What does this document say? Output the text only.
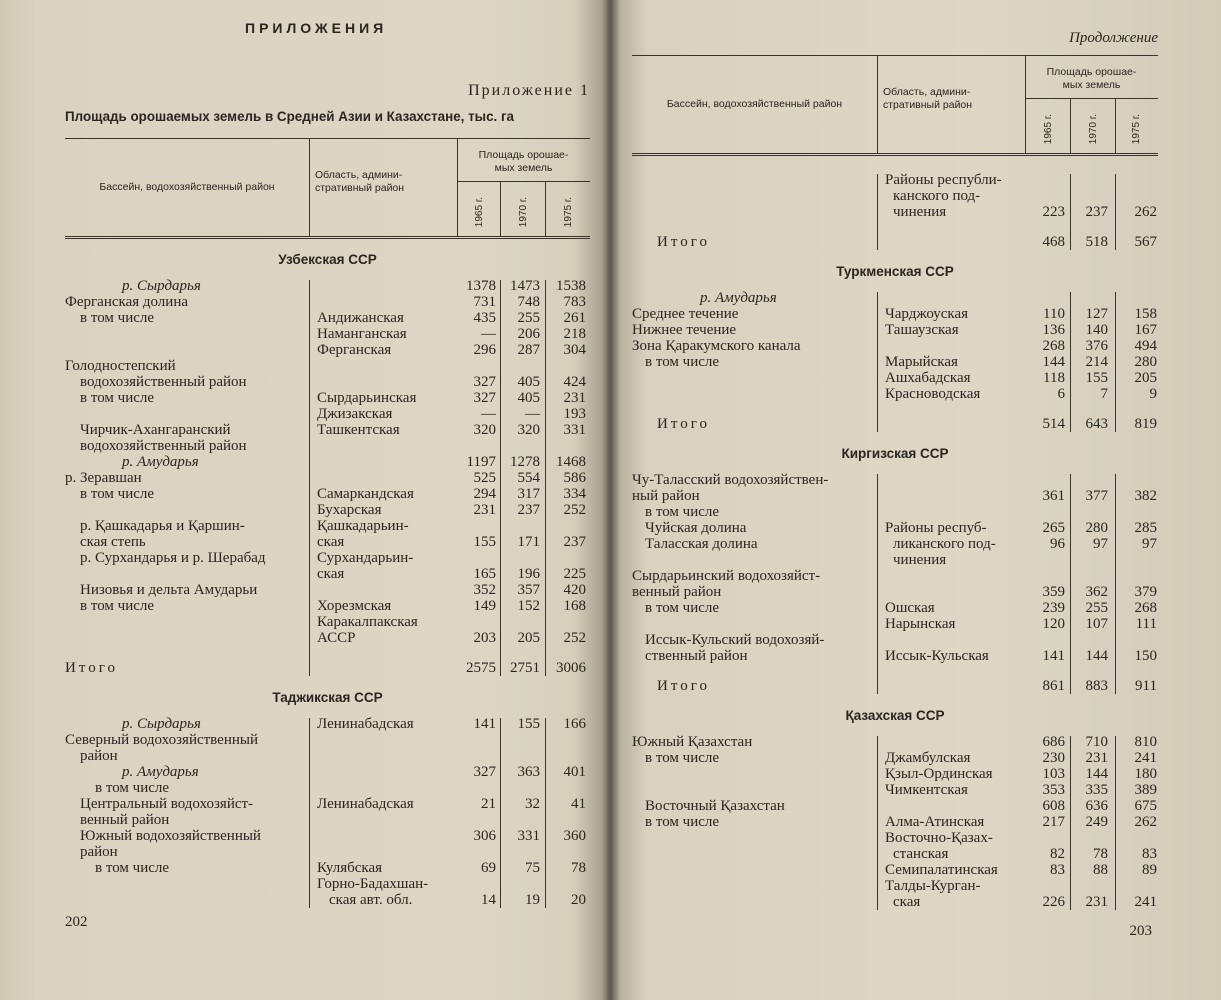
ПРИЛОЖЕНИЯ
Приложение 1
Площадь орошаемых земель в Средней Азии и Казахстане, тыс. га
Бассейн, водохозяйственный район
Область, админи-
стративный район
Площадь орошае-
мых земель
1965 г.	1970 г.	1975 г.
Узбекская ССР
р. Сырдарья	1378 1473	1538
Ферганская долина	731	748	783
в том числе	Андижанская	435	255	261
Наманганская	—	206	218
Ферганская	296	287	304
Голодностепский
водохозяйственный район	327	405	424
в том числе	Сырдарьинская	327	405	231
Джизакская	—	—	193
Чирчик-Ахангаранский	Ташкентская	320	320	331
водохозяйственный район
р. Амударья	1197 1278	1468
р. Зеравшан	525	554	586
в том числе	Самаркандская	294	317	334
Бухарская	231	237	252
р. Қашкадарья и Қаршин-	Қашкадарьин-
ская степь	ская	155	171	237
р. Сурхандарья и р. Шерабад	Сурхандарьин-
ская	165	196	225
Низовья и дельта Амударьи	352	357	420
в том числе	Хорезмская	149	152	168
Каракалпакская
АССР	203	205	252
Итого	2575 2751	3006
Таджикская ССР
р. Сырдарья	Ленинабадская	141	155	166
Северный водохозяйственный
район
р. Амударья	327	363	401
в том числе
Центральный водохозяйст-	Ленинабадская	21	32	41
венный район
Южный водохозяйственный	306	331	360
район
в том числе	Кулябская	69	75	78
Горно-Бадахшан-
ская авт. обл.	14	19	20
202
Продолжение
Бассейн, водохозяйственный район
Область, админи-
стративный район
Площадь орошае-
мых земель
1965 г.	1970 г.	1975 г.
Районы республи-
канского под-
чинения	223	237	262
Итого	468	518	567
Туркменская ССР
р. Амударья
Среднее течение	Чарджоуская	110	127	158
Нижнее течение	Ташаузская	136	140	167
Зона Қаракумского канала	268	376	494
в том числе	Марыйская	144	214	280
Ашхабадская	118	155	205
Красноводская	6	7	9
Итого	514	643	819
Киргизская ССР
Чу-Таласский водохозяйствен-
ный район	361	377	382
в том числе
Чуйская долина	Районы респуб-	265	280	285
Таласская долина	ликанского под-	96	97	97
чинения
Сырдарьинский водохозяйст-
венный район	359	362	379
в том числе	Ошская	239	255	268
Нарынская	120	107	111
Иссык-Кульский водохозяй-
ственный район	Иссык-Кульская	141	144	150
Итого	861	883	911
Қазахская ССР
Южный Қазахстан	686	710	810
в том числе	Джамбулская	230	231	241
Қзыл-Ординская	103	144	180
Чимкентская	353	335	389
Восточный Қазахстан	608	636	675
в том числе	Алма-Атинская	217	249	262
Восточно-Қазах-
станская	82	78	83
Семипалатинская	83	88	89
Талды-Курган-
ская	226	231	241
203
